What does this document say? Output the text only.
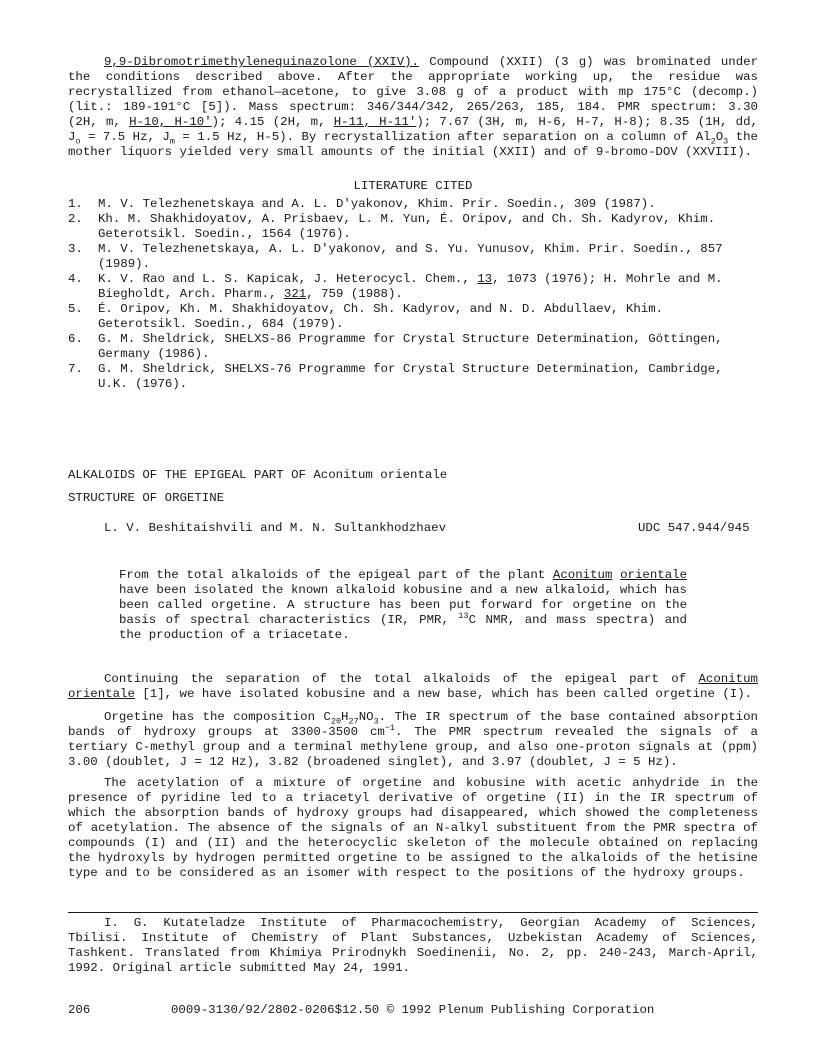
9,9-Dibromotrimethylenequinazolone (XXIV). Compound (XXII) (3 g) was brominated under the conditions described above. After the appropriate working up, the residue was recrystallized from ethanol—acetone, to give 3.08 g of a product with mp 175°C (decomp.) (lit.: 189-191°C [5]). Mass spectrum: 346/344/342, 265/263, 185, 184. PMR spectrum: 3.30 (2H, m, H-10, H-10'); 4.15 (2H, m, H-11, H-11'); 7.67 (3H, m, H-6, H-7, H-8); 8.35 (1H, dd, $J_o = 7.5$ Hz, $J_m = 1.5$ Hz, H-5). By recrystallization after separation on a column of $Al_2O_3$ the mother liquors yielded very small amounts of the initial (XXII) and of 9-bromo-DOV (XXVIII).

LITERATURE CITED
1. M. V. Telezhenetskaya and A. L. D'yakonov, Khim. Prir. Soedin., 309 (1987).
2. Kh. M. Shakhidoyatov, A. Prisbaev, L. M. Yun, É. Oripov, and Ch. Sh. Kadyrov, Khim. Geterotsikl. Soedin., 1564 (1976).
3. M. V. Telezhenetskaya, A. L. D'yakonov, and S. Yu. Yunusov, Khim. Prir. Soedin., 857 (1989).
4. K. V. Rao and L. S. Kapicak, J. Heterocycl. Chem., 13, 1073 (1976); H. Mohrle and M. Biegholdt, Arch. Pharm., 321, 759 (1988).
5. É. Oripov, Kh. M. Shakhidoyatov, Ch. Sh. Kadyrov, and N. D. Abdullaev, Khim. Geterotsikl. Soedin., 684 (1979).
6. G. M. Sheldrick, SHELXS-86 Programme for Crystal Structure Determination, Göttingen, Germany (1986).
7. G. M. Sheldrick, SHELXS-76 Programme for Crystal Structure Determination, Cambridge, U.K. (1976).
ALKALOIDS OF THE EPIGEAL PART OF Aconitum orientale
STRUCTURE OF ORGETINE
L. V. Beshitaishvili and M. N. Sultankhodzhaev	UDC 547.944/945

From the total alkaloids of the epigeal part of the plant Aconitum orientale have been isolated the known alkaloid kobusine and a new alkaloid, which has been called orgetine. A structure has been put forward for orgetine on the basis of spectral characteristics (IR, PMR, $^{13}$C NMR, and mass spectra) and the production of a triacetate.

Continuing the separation of the total alkaloids of the epigeal part of Aconitum orientale [1], we have isolated kobusine and a new base, which has been called orgetine (I).

Orgetine has the composition $C_{20}H_{27}NO_3$. The IR spectrum of the base contained absorption bands of hydroxy groups at 3300-3500 $cm^{-1}$. The PMR spectrum revealed the signals of a tertiary C-methyl group and a terminal methylene group, and also one-proton signals at (ppm) 3.00 (doublet, J = 12 Hz), 3.82 (broadened singlet), and 3.97 (doublet, J = 5 Hz).

The acetylation of a mixture of orgetine and kobusine with acetic anhydride in the presence of pyridine led to a triacetyl derivative of orgetine (II) in the IR spectrum of which the absorption bands of hydroxy groups had disappeared, which showed the completeness of acetylation. The absence of the signals of an N-alkyl substituent from the PMR spectra of compounds (I) and (II) and the heterocyclic skeleton of the molecule obtained on replacing the hydroxyls by hydrogen permitted orgetine to be assigned to the alkaloids of the hetisine type and to be considered as an isomer with respect to the positions of the hydroxy groups.

I. G. Kutateladze Institute of Pharmacochemistry, Georgian Academy of Sciences, Tbilisi. Institute of Chemistry of Plant Substances, Uzbekistan Academy of Sciences, Tashkent. Translated from Khimiya Prirodnykh Soedinenii, No. 2, pp. 240-243, March-April, 1992. Original article submitted May 24, 1991.

206	0009-3130/92/2802-0206$12.50 © 1992 Plenum Publishing Corporation
